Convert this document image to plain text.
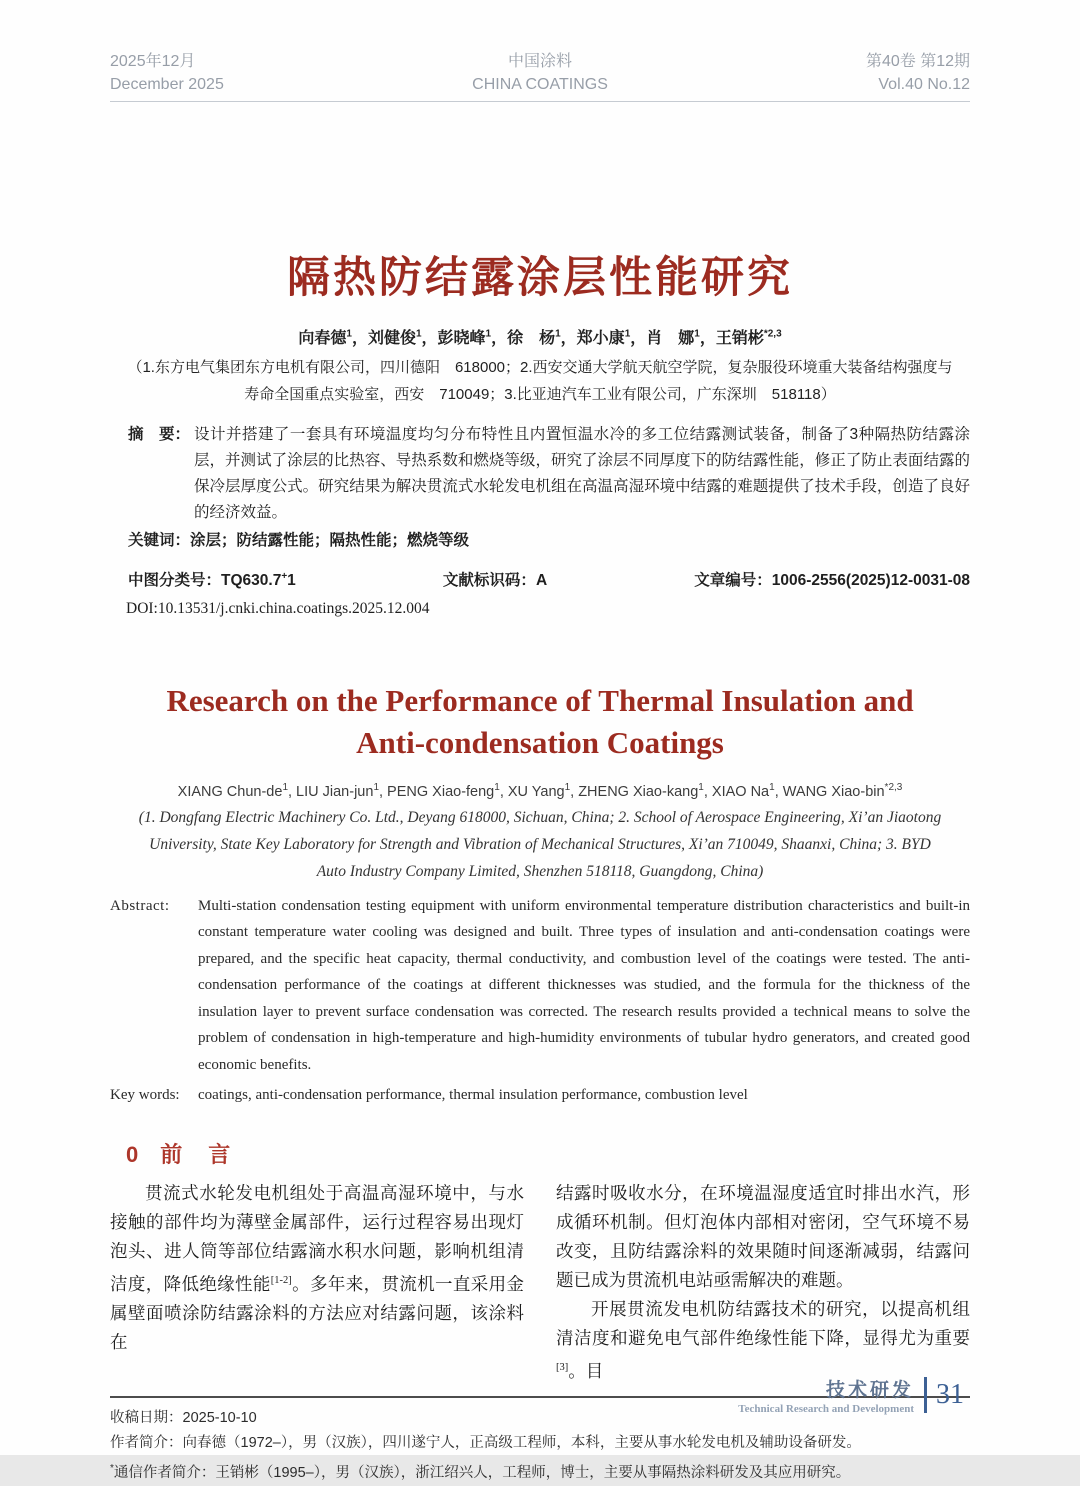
2025年12月
December 2025
中国涂料
CHINA COATINGS
第40卷 第12期
Vol.40 No.12
隔热防结露涂层性能研究
向春德$^1$，刘健俊$^1$，彭晓峰$^1$，徐　杨$^1$，郑小康$^1$，肖　娜$^1$，王销彬$^{*2,3}$
（1.东方电气集团东方电机有限公司，四川德阳　618000；2.西安交通大学航天航空学院，复杂服役环境重大装备结构强度与
寿命全国重点实验室，西安　710049；3.比亚迪汽车工业有限公司，广东深圳　518118）
摘　要： 设计并搭建了一套具有环境温度均匀分布特性且内置恒温水冷的多工位结露测试装备，制备了3种隔热防结露涂层，并测试了涂层的比热容、导热系数和燃烧等级，研究了涂层不同厚度下的防结露性能，修正了防止表面结露的保冷层厚度公式。研究结果为解决贯流式水轮发电机组在高温高湿环境中结露的难题提供了技术手段，创造了良好的经济效益。
关键词：涂层；防结露性能；隔热性能；燃烧等级
中图分类号：TQ630.7+1	文献标识码：A	文章编号：1006-2556(2025)12-0031-08
DOI:10.13531/j.cnki.china.coatings.2025.12.004
Research on the Performance of Thermal Insulation and
Anti-condensation Coatings
XIANG Chun-$de^1$, LIU Jian-jun$^1$, PENG Xiao-feng$^1$, XU Yang$^1$, ZHENG Xiao-kang$^1$, XIAO Na$^1$, WANG Xiao-bin$^{*2,3}$
(1. Dongfang Electric Machinery Co. Ltd., Deyang 618000, Sichuan, China; 2. School of Aerospace Engineering, Xi’an Jiaotong
University, State Key Laboratory for Strength and Vibration of Mechanical Structures, Xi’an 710049, Shaanxi, China; 3. BYD
Auto Industry Company Limited, Shenzhen 518118, Guangdong, China)
Abstract: Multi-station condensation testing equipment with uniform environmental temperature distribution characteristics and built-in constant temperature water cooling was designed and built. Three types of insulation and anti-condensation coatings were prepared, and the specific heat capacity, thermal conductivity, and combustion level of the coatings were tested. The anti-condensation performance of the coatings at different thicknesses was studied, and the formula for the thickness of the insulation layer to prevent surface condensation was corrected. The research results provided a technical means to solve the problem of condensation in high-temperature and high-humidity environments of tubular hydro generators, and created good economic benefits.
Key words: coatings, anti-condensation performance, thermal insulation performance, combustion level
0 前　言

贯流式水轮发电机组处于高温高湿环境中，与水接触的部件均为薄壁金属部件，运行过程容易出现灯泡头、进人筒等部位结露滴水积水问题，影响机组清洁度，降低绝缘性能[1-2]。多年来，贯流机一直采用金属壁面喷涂防结露涂料的方法应对结露问题，该涂料在

结露时吸收水分，在环境温湿度适宜时排出水汽，形成循环机制。但灯泡体内部相对密闭，空气环境不易改变，且防结露涂料的效果随时间逐渐减弱，结露问题已成为贯流机电站亟需解决的难题。

开展贯流发电机防结露技术的研究，以提高机组清洁度和避免电气部件绝缘性能下降，显得尤为重要[3]。目

收稿日期：2025-10-10
作者简介：向春德（1972–），男（汉族），四川遂宁人，正高级工程师，本科，主要从事水轮发电机及辅助设备研发。
*通信作者简介：王销彬（1995–），男（汉族），浙江绍兴人，工程师，博士，主要从事隔热涂料研发及其应用研究。
技术研发
Technical Research and Development 31
